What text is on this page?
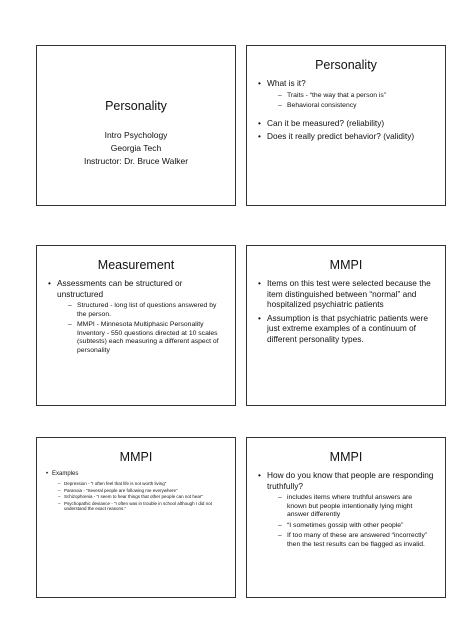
Personality
Intro Psychology
Georgia Tech
Instructor: Dr. Bruce Walker
Personality
• What is it?
– Traits - “the way that a person is”
– Behavioral consistency
• Can it be measured? (reliability)
• Does it really predict behavior? (validity)
Measurement
• Assessments can be structured or unstructured
– Structured - long list of questions answered by the person.
– MMPI - Minnesota Multiphasic Personality Inventory - 550 questions directed at 10 scales (subtests) each measuring a different aspect of personality
MMPI
• Items on this test were selected because the item distinguished between “normal” and hospitalized psychiatric patients
• Assumption is that psychiatric patients were just extreme examples of a continuum of different personality types.
MMPI
• Examples
– Depression - “I often feel that life is not worth living”
– Paranoia - “Several people are following me everywhere”
– Schizophrenia - “I seem to hear things that other people can not hear”
– Psychopathic deviance - “I often was in trouble in school although I did not understand the exact reasons.”
MMPI
• How do you know that people are responding truthfully?
– includes items where truthful answers are known but people intentionally lying might answer differently
– “I sometimes gossip with other people”
– If too many of these are answered “incorrectly” then the test results can be flagged as invalid.
